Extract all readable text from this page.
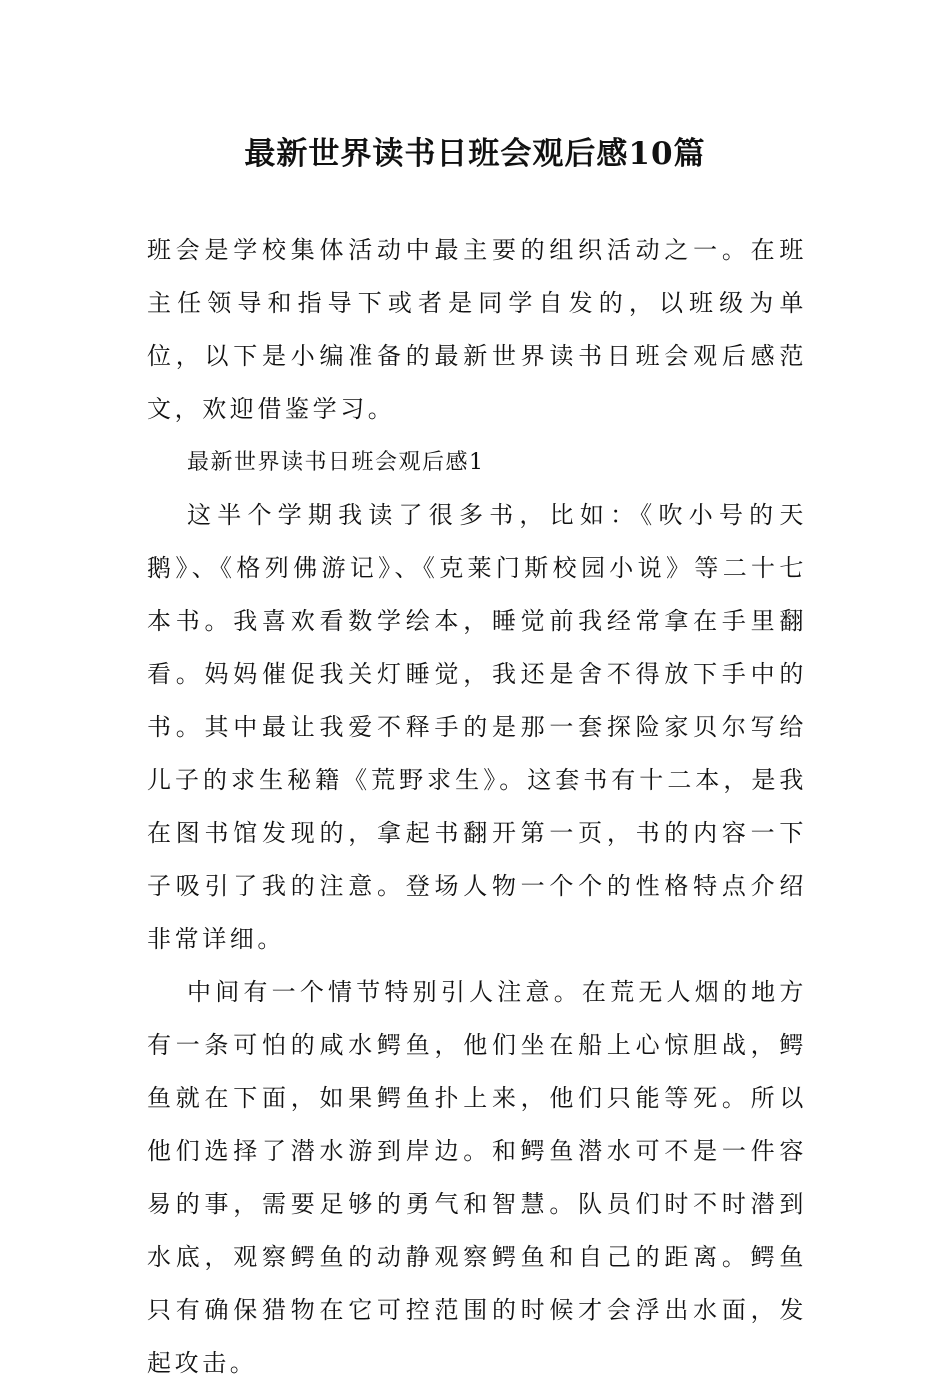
最新世界读书日班会观后感10篇

班会是学校集体活动中最主要的组织活动之一。在班主任领导和指导下或者是同学自发的，以班级为单位，以下是小编准备的最新世界读书日班会观后感范文，欢迎借鉴学习。

最新世界读书日班会观后感1

这半个学期我读了很多书，比如：《吹小号的天鹅》、《格列佛游记》、《克莱门斯校园小说》等二十七本书。我喜欢看数学绘本，睡觉前我经常拿在手里翻看。妈妈催促我关灯睡觉，我还是舍不得放下手中的书。其中最让我爱不释手的是那一套探险家贝尔写给儿子的求生秘籍《荒野求生》。这套书有十二本，是我在图书馆发现的，拿起书翻开第一页，书的内容一下子吸引了我的注意。登场人物一个个的性格特点介绍非常详细。

中间有一个情节特别引人注意。在荒无人烟的地方有一条可怕的咸水鳄鱼，他们坐在船上心惊胆战，鳄鱼就在下面，如果鳄鱼扑上来，他们只能等死。所以他们选择了潜水游到岸边。和鳄鱼潜水可不是一件容易的事，需要足够的勇气和智慧。队员们时不时潜到水底，观察鳄鱼的动静观察鳄鱼和自己的距离。鳄鱼只有确保猎物在它可控范围的时候才会浮出水面，发起攻击。
